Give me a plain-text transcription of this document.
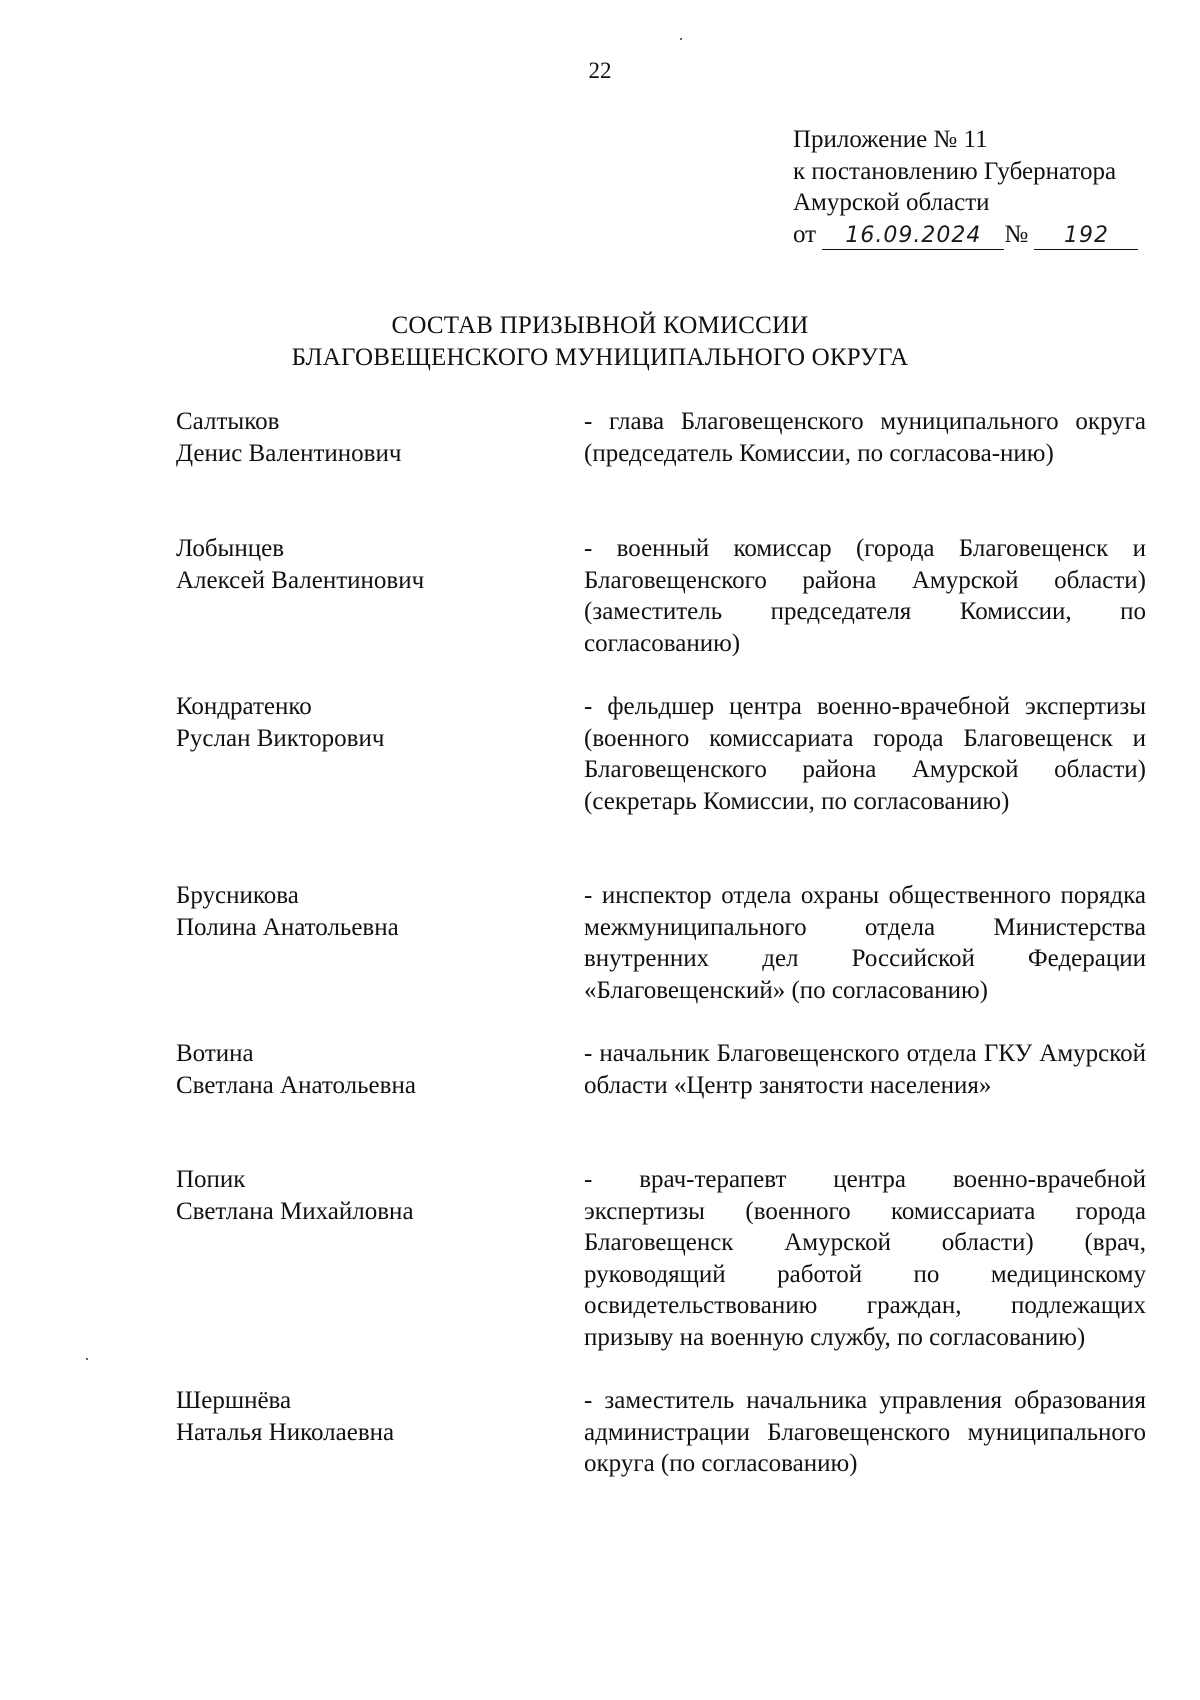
22
Приложение № 11
к постановлению Губернатора
Амурской области
от 16.09.2024 № 192
СОСТАВ ПРИЗЫВНОЙ КОМИССИИ
БЛАГОВЕЩЕНСКОГО МУНИЦИПАЛЬНОГО ОКРУГА
Салтыков
Денис Валентинович
- глава Благовещенского муниципального округа (председатель Комиссии, по согласова-нию)
Лобынцев
Алексей Валентинович
- военный комиссар (города Благовещенск и Благовещенского района Амурской области) (заместитель председателя Комиссии, по согласованию)
Кондратенко
Руслан Викторович
- фельдшер центра военно-врачебной экспертизы (военного комиссариата города Благовещенск и Благовещенского района Амурской области) (секретарь Комиссии, по согласованию)
Брусникова
Полина Анатольевна
- инспектор отдела охраны общественного порядка межмуниципального отдела Министерства внутренних дел Российской Федерации «Благовещенский» (по согласованию)
Вотина
Светлана Анатольевна
- начальник Благовещенского отдела ГКУ Амурской области «Центр занятости населения»
Попик
Светлана Михайловна
- врач-терапевт центра военно-врачебной экспертизы (военного комиссариата города Благовещенск Амурской области) (врач, руководящий работой по медицинскому освидетельствованию граждан, подлежащих призыву на военную службу, по согласованию)
Шершнёва
Наталья Николаевна
- заместитель начальника управления образования администрации Благовещенского муниципального округа (по согласованию)
